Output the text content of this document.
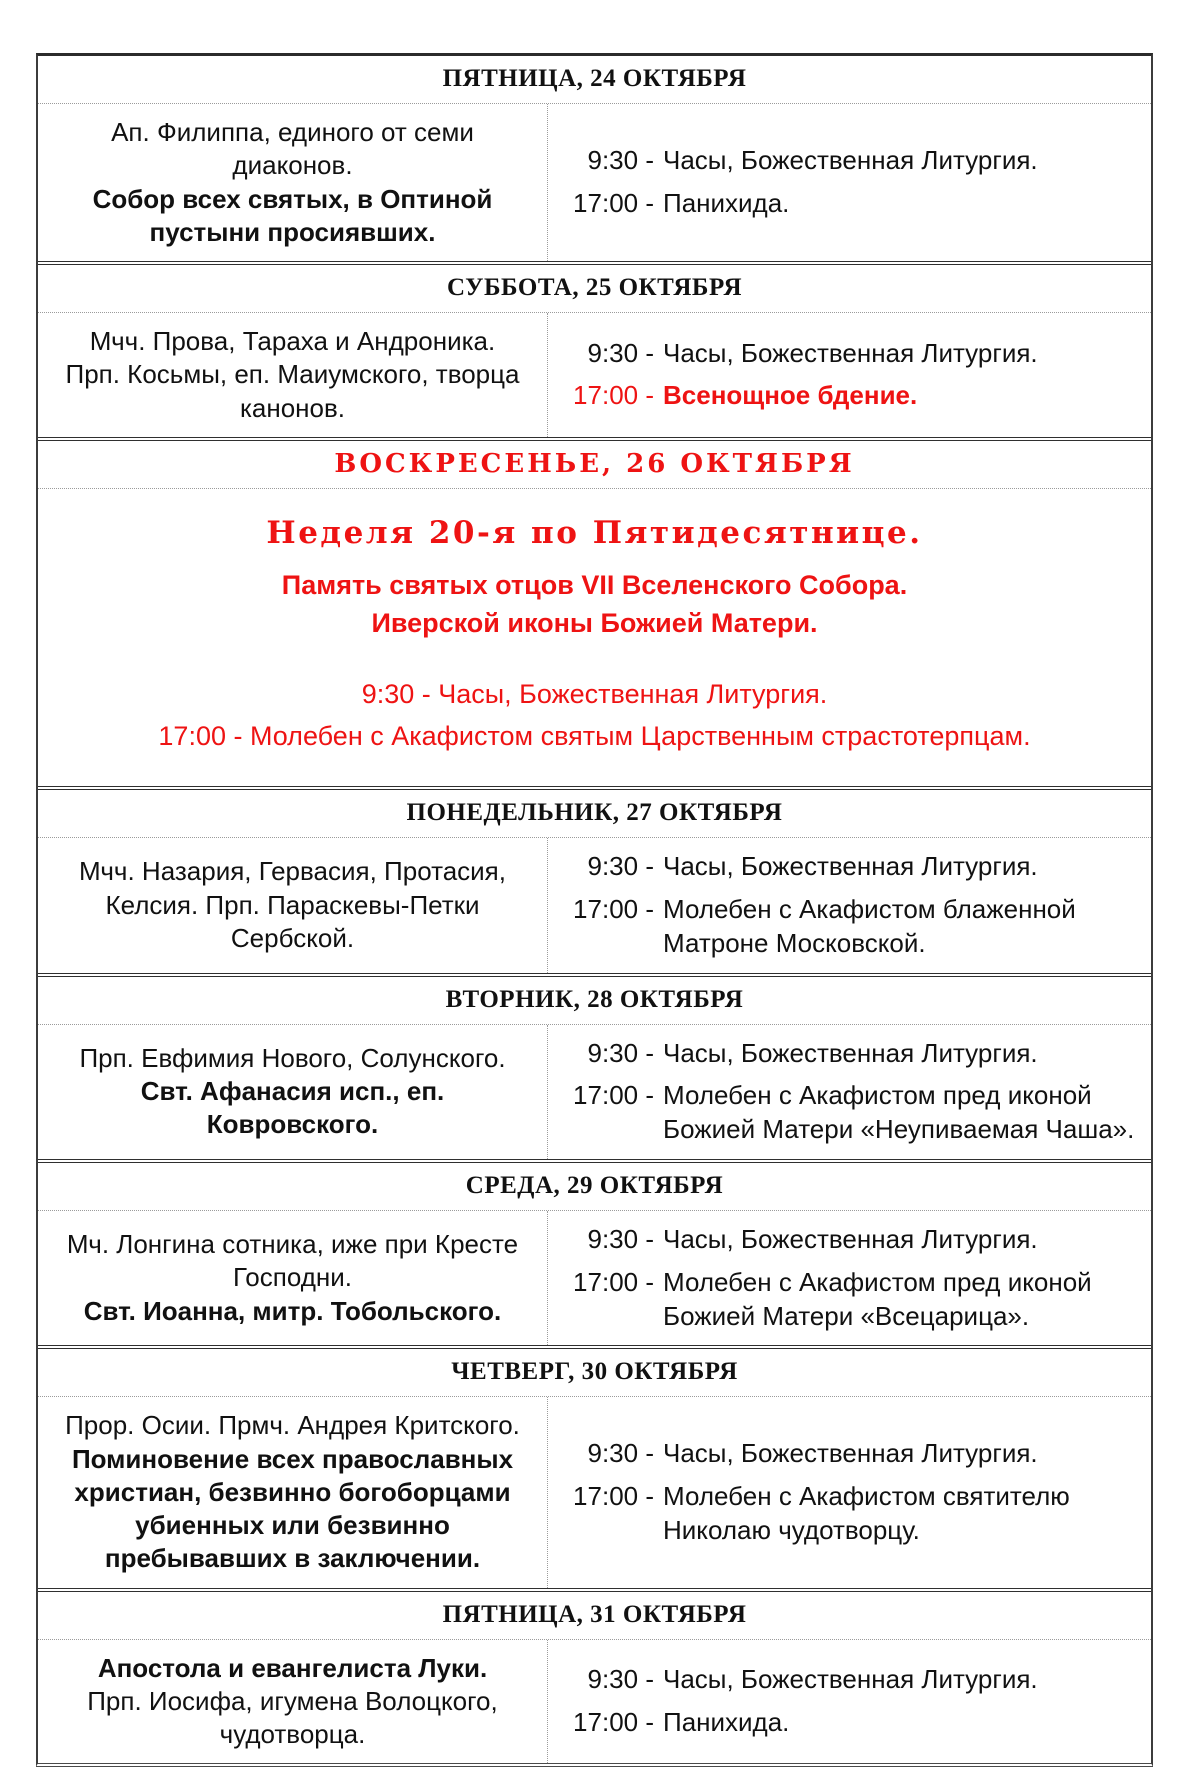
ПЯТНИЦА, 24 ОКТЯБРЯ
Ап. Филиппа, единого от семи диаконов.
Собор всех святых, в Оптиной пустыни просиявших.
9:30 - Часы, Божественная Литургия.
17:00 - Панихида.
СУББОТА, 25 ОКТЯБРЯ
Мчч. Прова, Тараха и Андроника.
Прп. Косьмы, еп. Маиумского, творца канонов.
9:30 - Часы, Божественная Литургия.
17:00 - Всенощное бдение.
ВОСКРЕСЕНЬЕ, 26 ОКТЯБРЯ
Неделя 20-я по Пятидесятнице.
Память святых отцов VII Вселенского Собора.
Иверской иконы Божией Матери.
9:30 - Часы, Божественная Литургия.
17:00 - Молебен с Акафистом святым Царственным страстотерпцам.
ПОНЕДЕЛЬНИК, 27 ОКТЯБРЯ
Мчч. Назария, Гервасия, Протасия, Келсия. Прп. Параскевы-Петки Сербской.
9:30 - Часы, Божественная Литургия.
17:00 - Молебен с Акафистом блаженной Матроне Московской.
ВТОРНИК, 28 ОКТЯБРЯ
Прп. Евфимия Нового, Солунского.
Свт. Афанасия исп., еп. Ковровского.
9:30 - Часы, Божественная Литургия.
17:00 - Молебен с Акафистом пред иконой Божией Матери «Неупиваемая Чаша».
СРЕДА, 29 ОКТЯБРЯ
Мч. Лонгина сотника, иже при Кресте Господни.
Свт. Иоанна, митр. Тобольского.
9:30 - Часы, Божественная Литургия.
17:00 - Молебен с Акафистом пред иконой Божией Матери «Всецарица».
ЧЕТВЕРГ, 30 ОКТЯБРЯ
Прор. Осии. Прмч. Андрея Критского.
Поминовение всех православных христиан, безвинно богоборцами убиенных или безвинно пребывавших в заключении.
9:30 - Часы, Божественная Литургия.
17:00 - Молебен с Акафистом святителю Николаю чудотворцу.
ПЯТНИЦА, 31 ОКТЯБРЯ
Апостола и евангелиста Луки.
Прп. Иосифа, игумена Волоцкого, чудотворца.
9:30 - Часы, Божественная Литургия.
17:00 - Панихида.
